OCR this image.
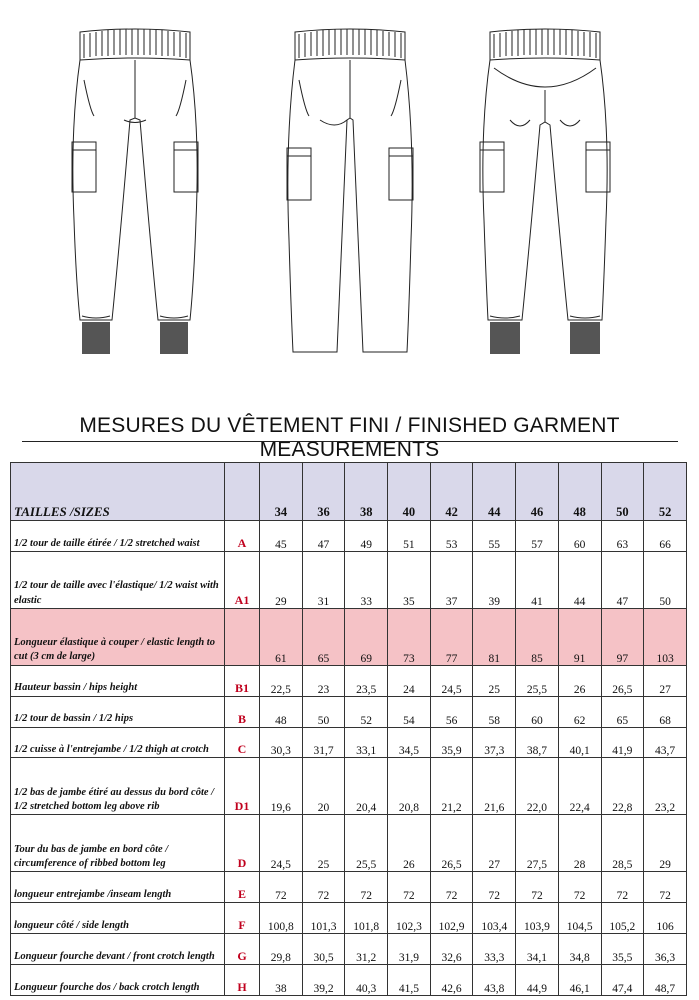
MESURES DU VÊTEMENT FINI / FINISHED GARMENT MEASUREMENTS
TAILLES /SIZES		34	36	38	40	42	44	46	48	50	52
1/2 tour de taille étirée / 1/2 stretched waist	A	45	47	49	51	53	55	57	60	63	66
1/2 tour de taille avec l'élastique/ 1/2 waist with elastic	A1	29	31	33	35	37	39	41	44	47	50
Longueur élastique à couper / elastic length to cut (3 cm de large)		61	65	69	73	77	81	85	91	97	103
Hauteur bassin / hips height	B1	22,5	23	23,5	24	24,5	25	25,5	26	26,5	27
1/2 tour de bassin / 1/2 hips	B	48	50	52	54	56	58	60	62	65	68
1/2 cuisse à l'entrejambe / 1/2 thigh at crotch	C	30,3	31,7	33,1	34,5	35,9	37,3	38,7	40,1	41,9	43,7
1/2 bas de jambe étiré au dessus du bord côte / 1/2 stretched bottom leg above rib	D1	19,6	20	20,4	20,8	21,2	21,6	22,0	22,4	22,8	23,2
Tour du bas de jambe en bord côte / circumference of ribbed bottom leg	D	24,5	25	25,5	26	26,5	27	27,5	28	28,5	29
longueur entrejambe /inseam length	E	72	72	72	72	72	72	72	72	72	72
longueur côté / side length	F	100,8	101,3	101,8	102,3	102,9	103,4	103,9	104,5	105,2	106
Longueur fourche devant / front crotch length	G	29,8	30,5	31,2	31,9	32,6	33,3	34,1	34,8	35,5	36,3
Longueur fourche dos / back crotch length	H	38	39,2	40,3	41,5	42,6	43,8	44,9	46,1	47,4	48,7
